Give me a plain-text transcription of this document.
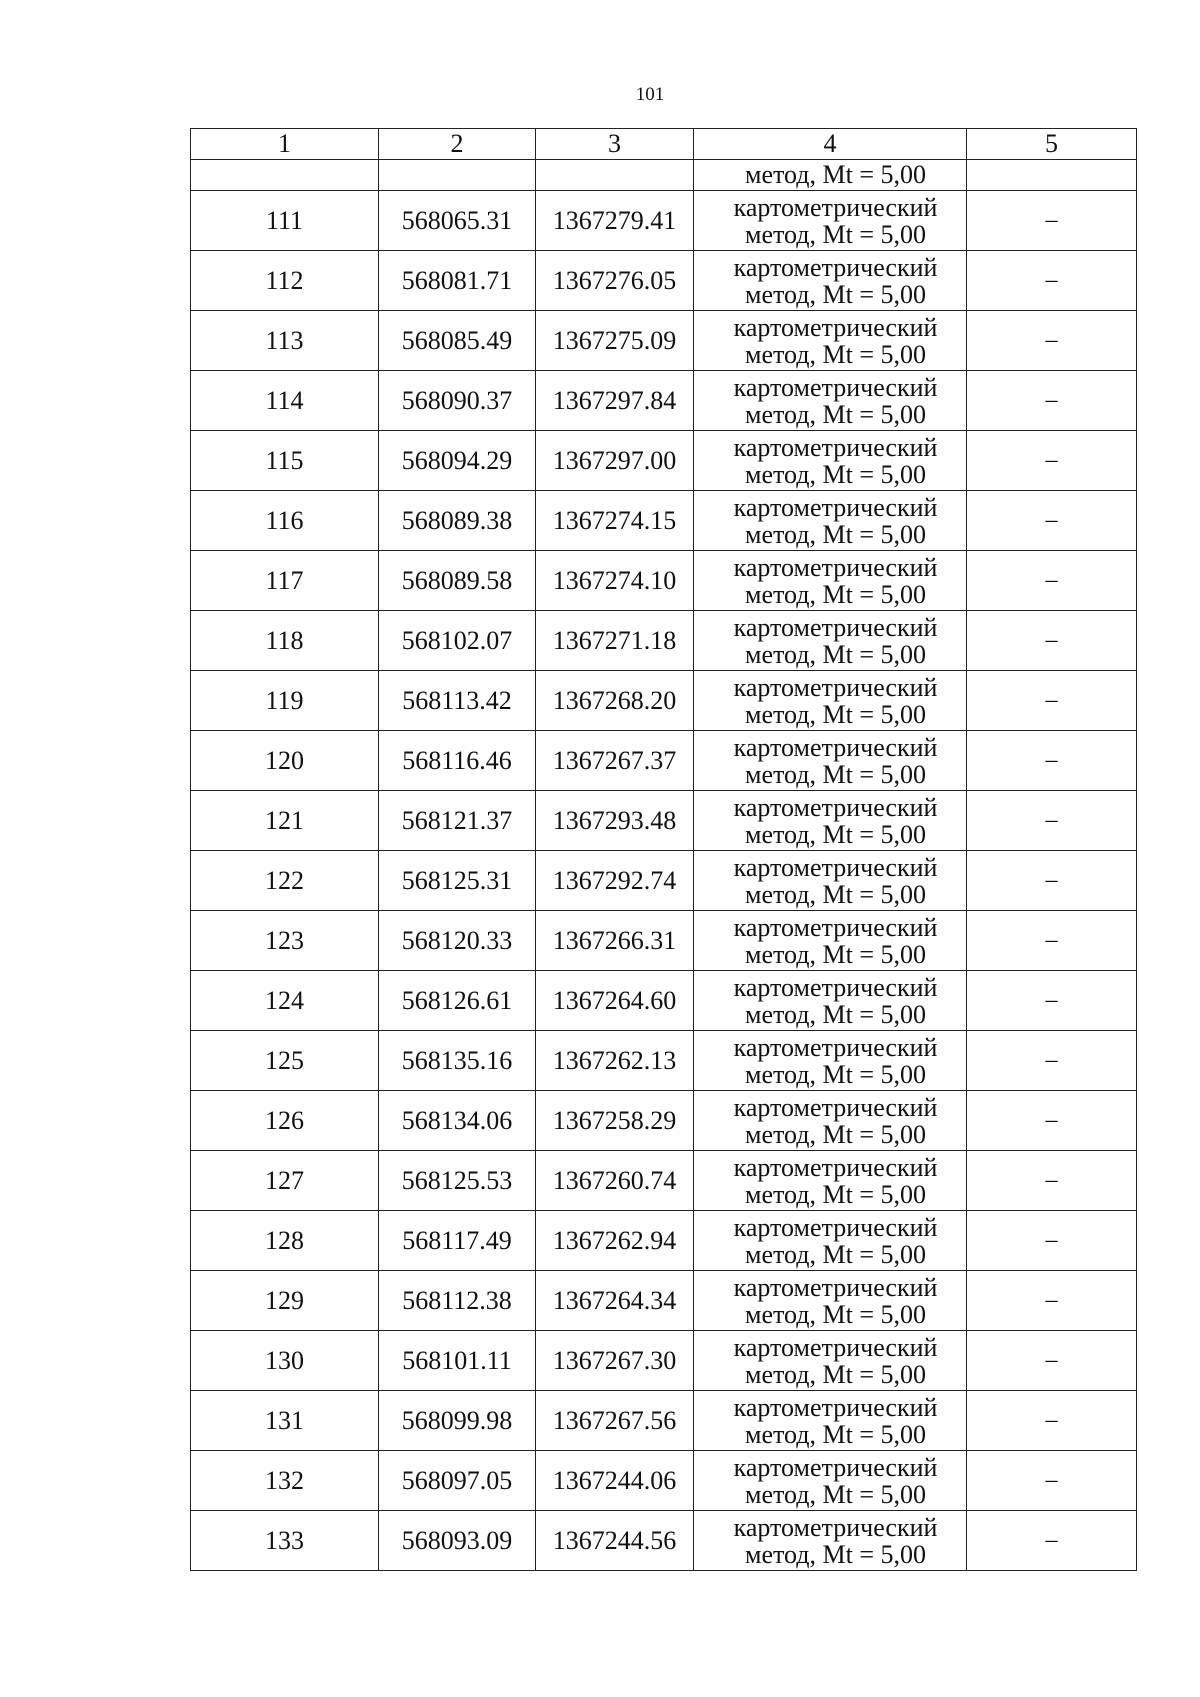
101
1	2	3	4	5

			метод, Mt = 5,00	

111	568065.31	1367279.41	картометрический
метод, Mt = 5,00	–
112	568081.71	1367276.05	картометрический
метод, Mt = 5,00	–
113	568085.49	1367275.09	картометрический
метод, Mt = 5,00	–
114	568090.37	1367297.84	картометрический
метод, Mt = 5,00	–
115	568094.29	1367297.00	картометрический
метод, Mt = 5,00	–
116	568089.38	1367274.15	картометрический
метод, Mt = 5,00	–
117	568089.58	1367274.10	картометрический
метод, Mt = 5,00	–
118	568102.07	1367271.18	картометрический
метод, Mt = 5,00	–
119	568113.42	1367268.20	картометрический
метод, Mt = 5,00	–
120	568116.46	1367267.37	картометрический
метод, Mt = 5,00	–
121	568121.37	1367293.48	картометрический
метод, Mt = 5,00	–
122	568125.31	1367292.74	картометрический
метод, Mt = 5,00	–
123	568120.33	1367266.31	картометрический
метод, Mt = 5,00	–
124	568126.61	1367264.60	картометрический
метод, Mt = 5,00	–
125	568135.16	1367262.13	картометрический
метод, Mt = 5,00	–
126	568134.06	1367258.29	картометрический
метод, Mt = 5,00	–
127	568125.53	1367260.74	картометрический
метод, Mt = 5,00	–
128	568117.49	1367262.94	картометрический
метод, Mt = 5,00	–
129	568112.38	1367264.34	картометрический
метод, Mt = 5,00	–
130	568101.11	1367267.30	картометрический
метод, Mt = 5,00	–
131	568099.98	1367267.56	картометрический
метод, Mt = 5,00	–
132	568097.05	1367244.06	картометрический
метод, Mt = 5,00	–
133	568093.09	1367244.56	картометрический
метод, Mt = 5,00	–
